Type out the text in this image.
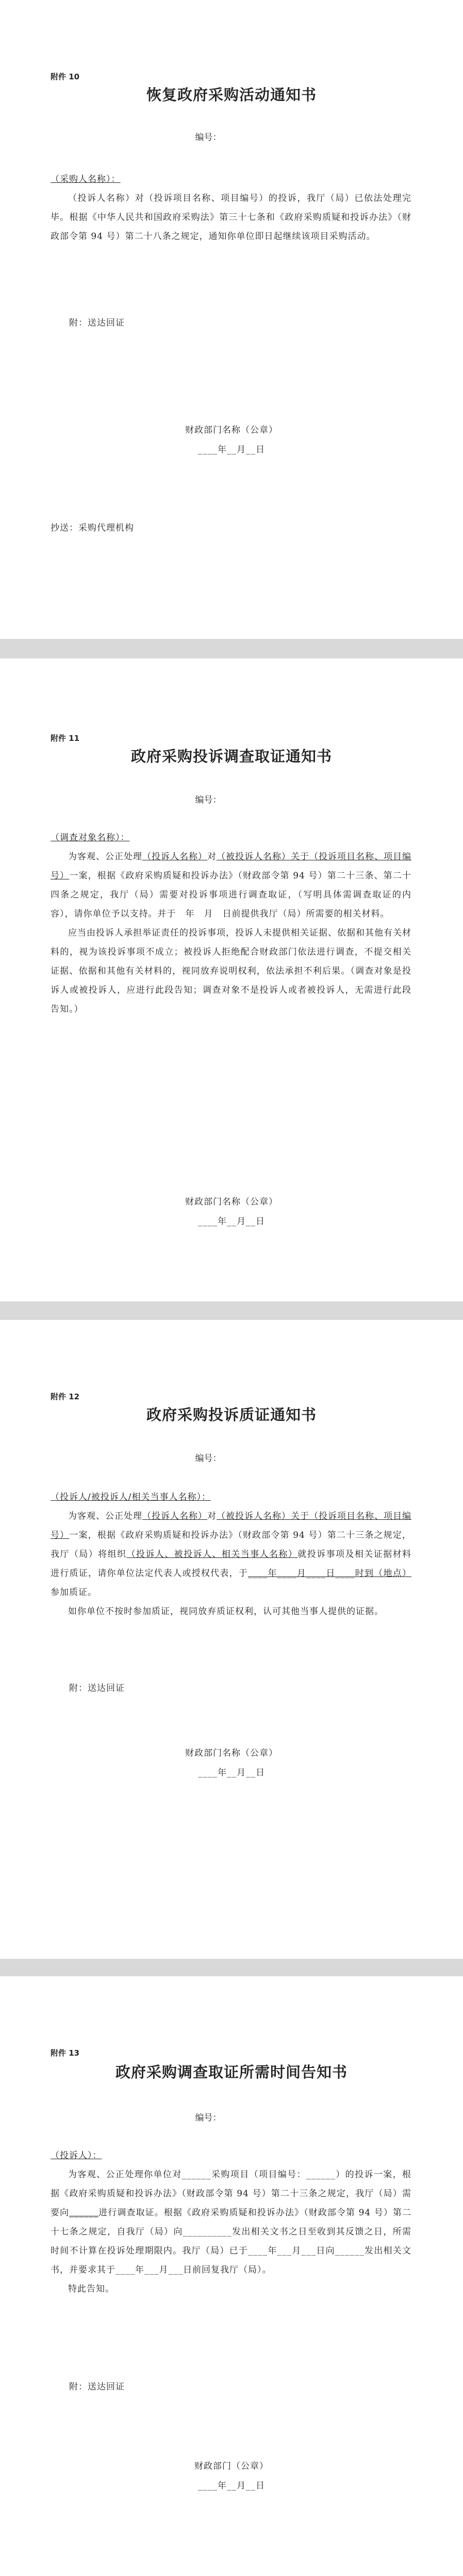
附件 10
恢复政府采购活动通知书
编号：

（采购人名称）：

（投诉人名称）对（投诉项目名称、项目编号）的投诉，我厅（局）已依法处理完毕。根据《中华人民共和国政府采购法》第三十七条和《政府采购质疑和投诉办法》（财政部令第 94 号）第二十八条之规定，通知你单位即日起继续该项目采购活动。

附：送达回证
财政部门名称（公章）
____年__月__日
抄送：采购代理机构
附件 11
政府采购投诉调查取证通知书
编号：

（调查对象名称）：

为客观、公正处理（投诉人名称）对（被投诉人名称）关于（投诉项目名称、项目编号）一案，根据《政府采购质疑和投诉办法》（财政部令第 94 号）第二十三条、第二十四条之规定，我厅（局）需要对投诉事项进行调查取证，（写明具体需调查取证的内容），请你单位予以支持。并于　年　月　日前提供我厅（局）所需要的相关材料。

应当由投诉人承担举证责任的投诉事项，投诉人未提供相关证据、依据和其他有关材料的，视为该投诉事项不成立；被投诉人拒绝配合财政部门依法进行调查，不提交相关证据、依据和其他有关材料的，视同放弃说明权利，依法承担不利后果。（调查对象是投诉人或被投诉人，应进行此段告知；调查对象不是投诉人或者被投诉人，无需进行此段告知。）

财政部门名称（公章）
____年__月__日
附件 12
政府采购投诉质证通知书
编号：

（投诉人/被投诉人/相关当事人名称）：

为客观、公正处理（投诉人名称）对（被投诉人名称）关于（投诉项目名称、项目编号）一案，根据《政府采购质疑和投诉办法》（财政部令第 94 号）第二十三条之规定，我厅（局）将组织（投诉人、被投诉人、相关当事人名称）就投诉事项及相关证据材料进行质证，请你单位法定代表人或授权代表，于____年____月____日____时到（地点）参加质证。

如你单位不按时参加质证，视同放弃质证权利，认可其他当事人提供的证据。

附：送达回证
财政部门名称（公章）
____年__月__日
附件 13
政府采购调查取证所需时间告知书
编号：

（投诉人）：

为客观、公正处理你单位对______采购项目（项目编号：______）的投诉一案，根据《政府采购质疑和投诉办法》（财政部令第 94 号）第二十三条之规定，我厅（局）需要向______进行调查取证。根据《政府采购质疑和投诉办法》（财政部令第 94 号）第二十七条之规定，自我厅（局）向__________发出相关文书之日至收到其反馈之日，所需时间不计算在投诉处理期限内。我厅（局）已于____年___月___日向______发出相关文书，并要求其于____年___月___日前回复我厅（局）。

特此告知。

附：送达回证
财政部门（公章）
____年__月__日
